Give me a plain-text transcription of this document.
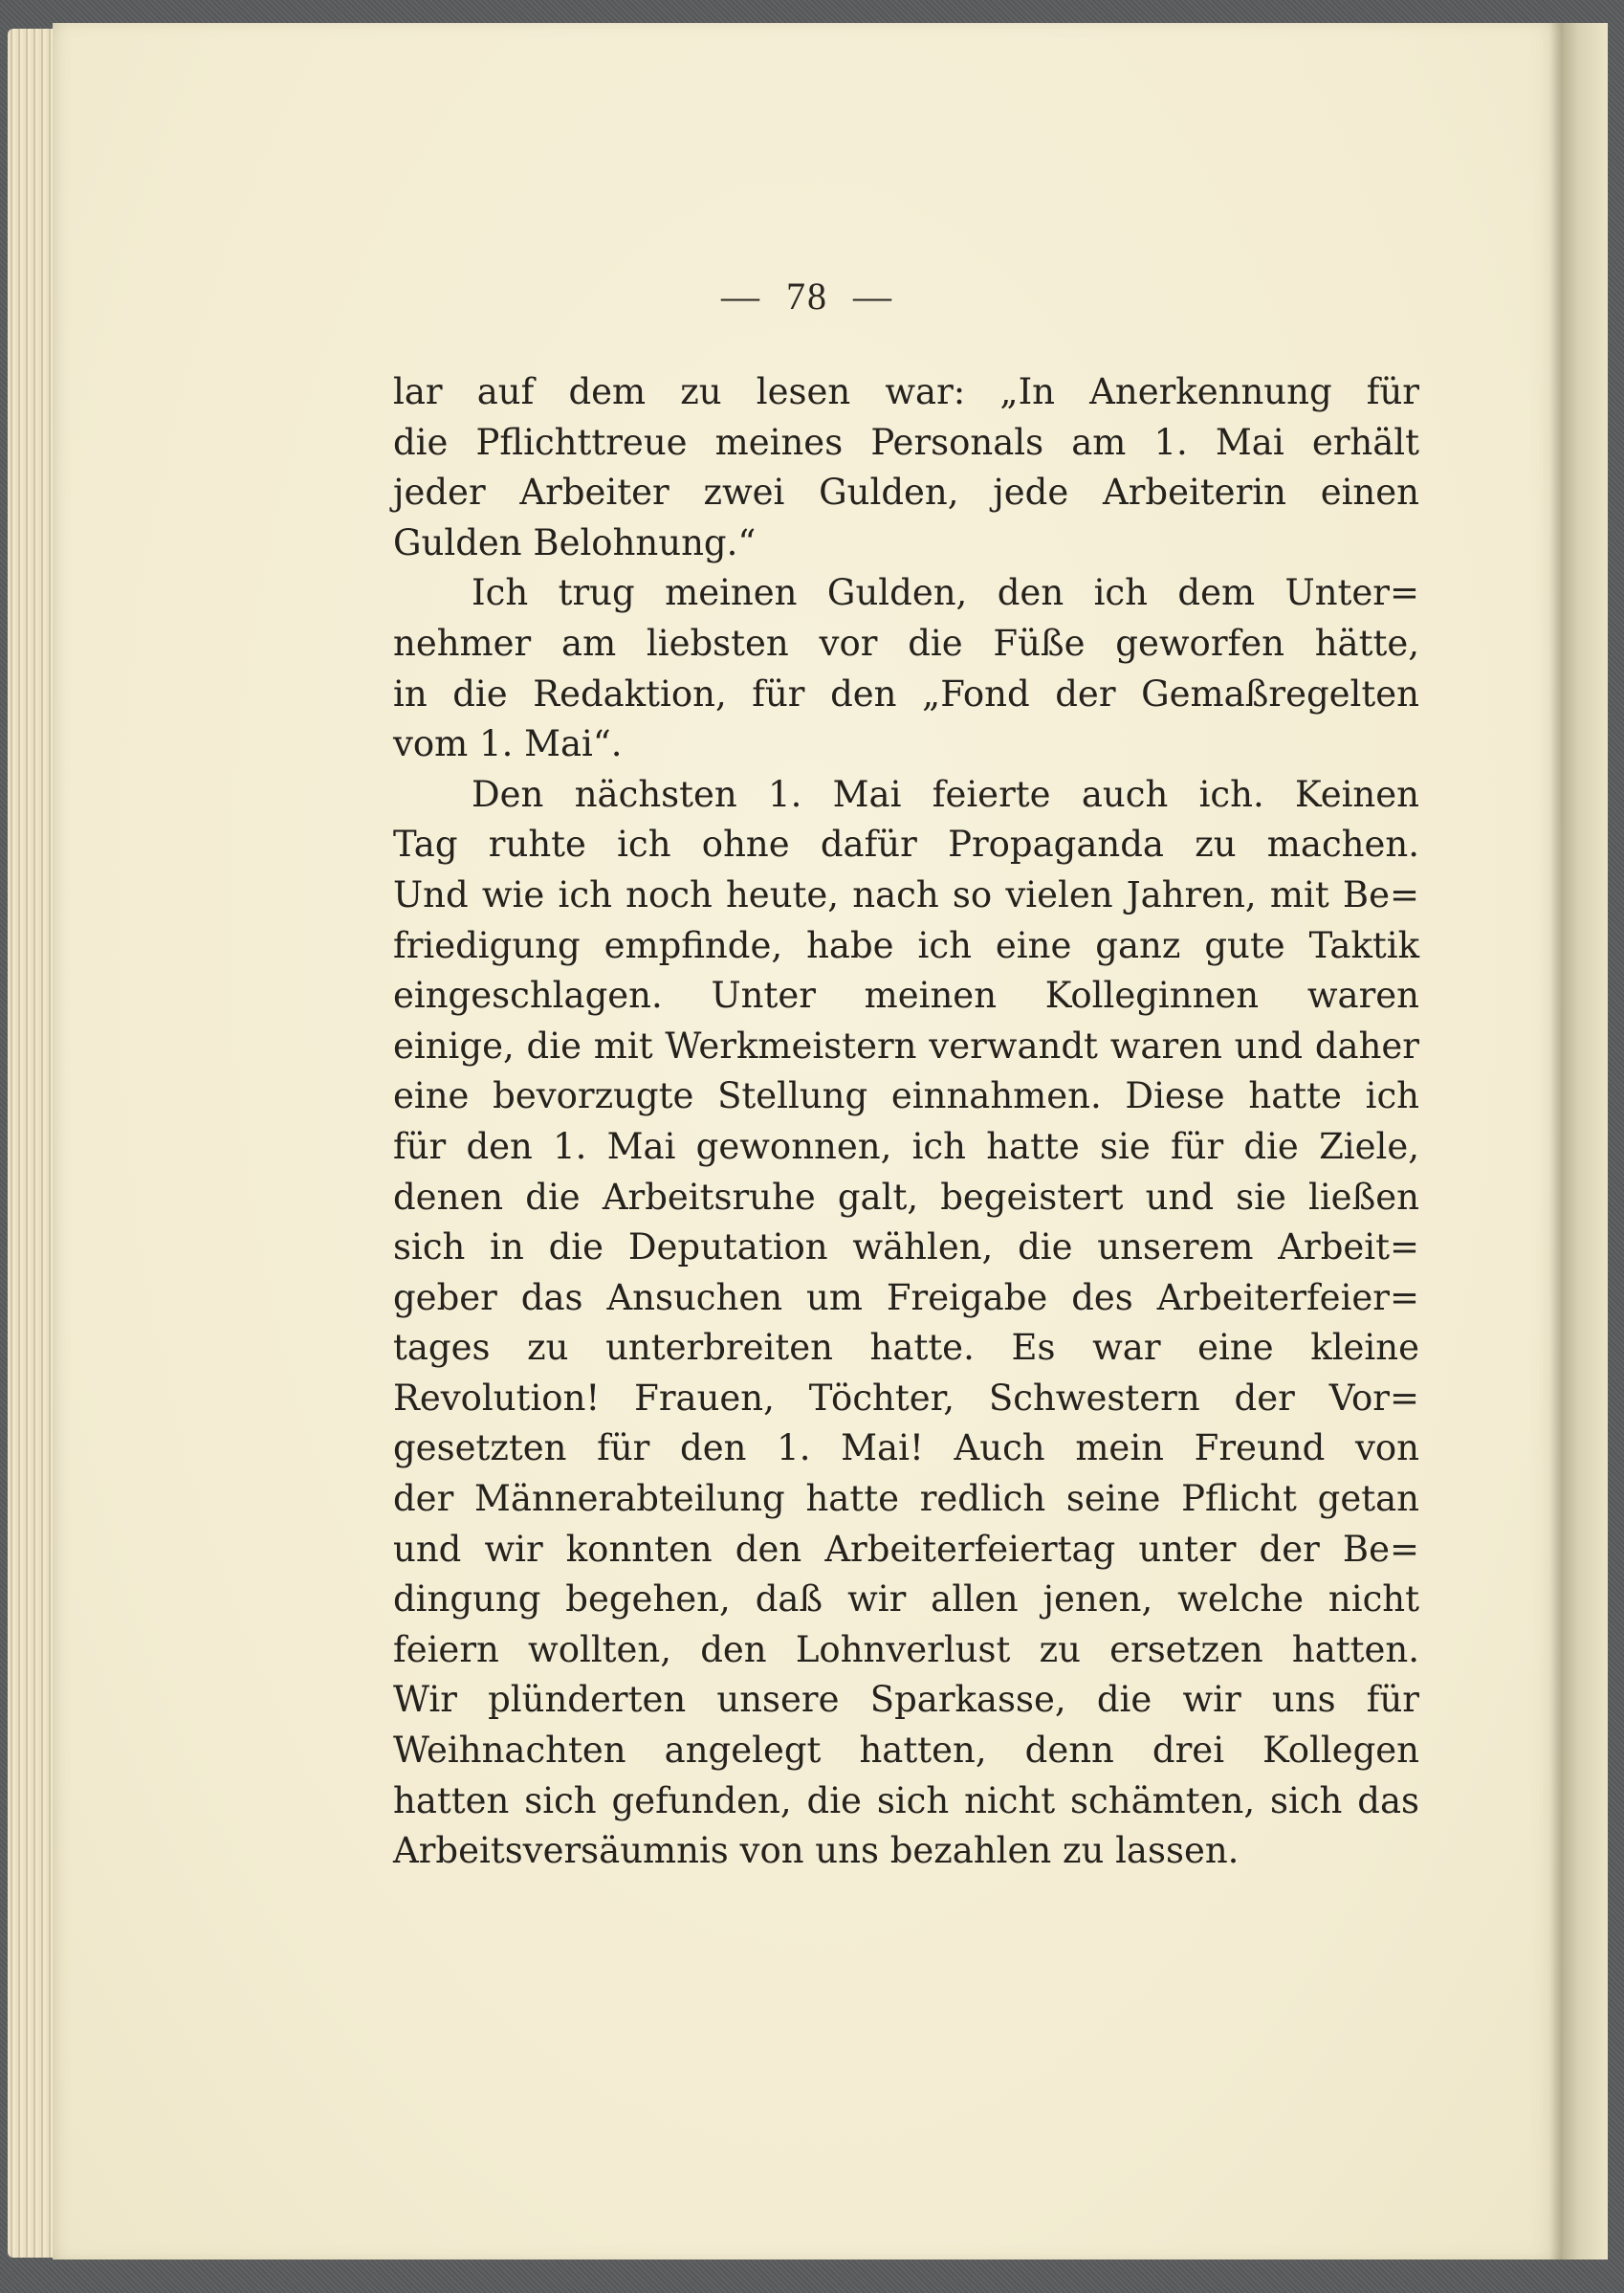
— 78 —
lar auf dem zu lesen war: „In Anerkennung für
die Pflichttreue meines Personals am 1. Mai erhält
jeder Arbeiter zwei Gulden, jede Arbeiterin einen
Gulden Belohnung.“
Ich trug meinen Gulden, den ich dem Unter=
nehmer am liebsten vor die Füße geworfen hätte,
in die Redaktion, für den „Fond der Gemaßregelten
vom 1. Mai“.
Den nächsten 1. Mai feierte auch ich. Keinen
Tag ruhte ich ohne dafür Propaganda zu machen.
Und wie ich noch heute, nach so vielen Jahren, mit Be=
friedigung empfinde, habe ich eine ganz gute Taktik
eingeschlagen. Unter meinen Kolleginnen waren
einige, die mit Werkmeistern verwandt waren und daher
eine bevorzugte Stellung einnahmen. Diese hatte ich
für den 1. Mai gewonnen, ich hatte sie für die Ziele,
denen die Arbeitsruhe galt, begeistert und sie ließen
sich in die Deputation wählen, die unserem Arbeit=
geber das Ansuchen um Freigabe des Arbeiterfeier=
tages zu unterbreiten hatte. Es war eine kleine
Revolution! Frauen, Töchter, Schwestern der Vor=
gesetzten für den 1. Mai! Auch mein Freund von
der Männerabteilung hatte redlich seine Pflicht getan
und wir konnten den Arbeiterfeiertag unter der Be=
dingung begehen, daß wir allen jenen, welche nicht
feiern wollten, den Lohnverlust zu ersetzen hatten.
Wir plünderten unsere Sparkasse, die wir uns für
Weihnachten angelegt hatten, denn drei Kollegen
hatten sich gefunden, die sich nicht schämten, sich das
Arbeitsversäumnis von uns bezahlen zu lassen.
